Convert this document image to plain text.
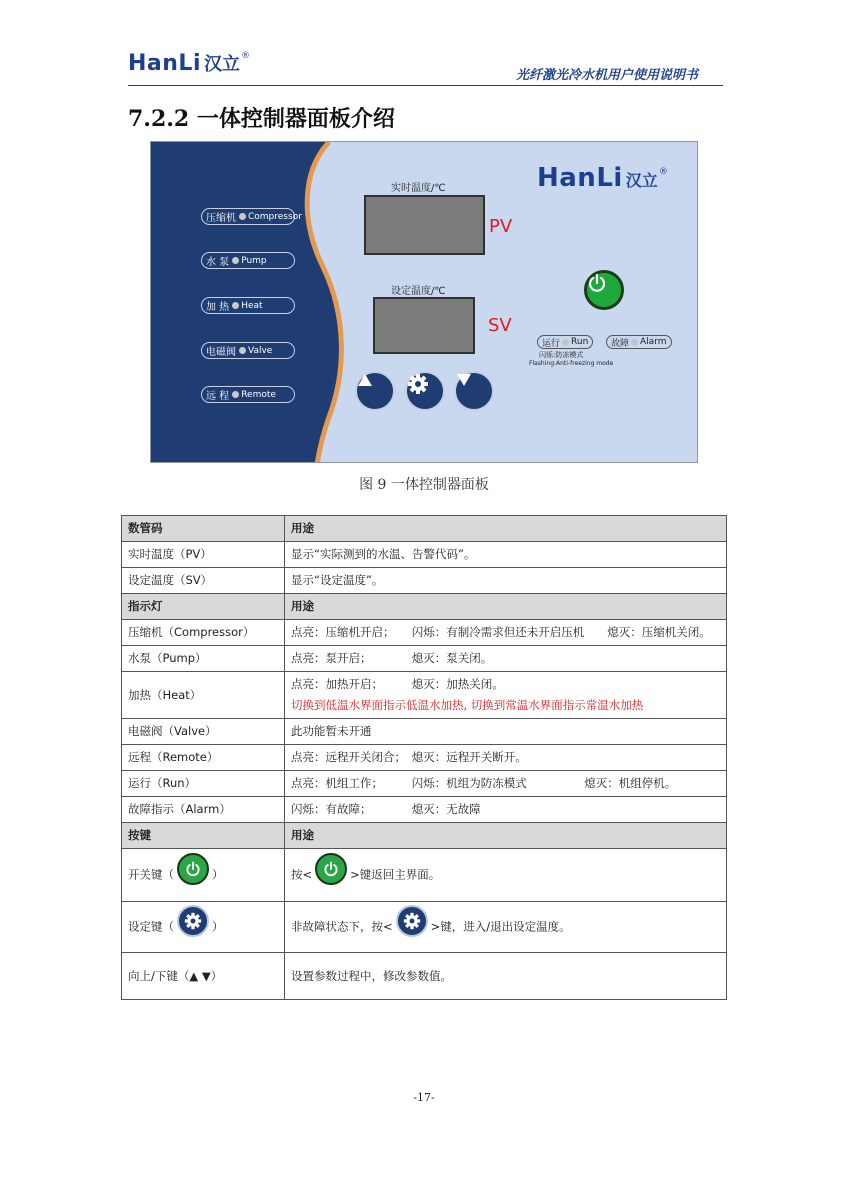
HanLi 汉立 ®
光纤激光冷水机用户使用说明书
7.2.2 一体控制器面板介绍
压缩机 Compressor
水 泵 Pump
加 热 Heat
电磁阀 Valve
远 程 Remote
实时温度/℃
PV
设定温度/℃
SV
HanLi 汉立 ®
运行 Run	故障 Alarm
闪烁:防冻模式
Flashing:Anti-freezing mode
图 9 一体控制器面板
数管码	用途
实时温度（PV）	显示“实际测到的水温、告警代码”。
设定温度（SV）	显示“设定温度”。
指示灯	用途
压缩机（Compressor）	点亮：压缩机开启；　　闪烁：有制冷需求但还未开启压机　　熄灭：压缩机关闭。
水泵（Pump）	点亮：泵开启；　　　　熄灭：泵关闭。
加热（Heat）	点亮：加热开启；　　　熄灭：加热关闭。
切换到低温水界面指示低温水加热, 切换到常温水界面指示常温水加热

电磁阀（Valve）	此功能暂未开通
远程（Remote）	点亮：远程开关闭合；　熄灭：远程开关断开。
运行（Run）	点亮：机组工作；　　　闪烁：机组为防冻模式　　　　　熄灭：机组停机。
故障指示（Alarm）	闪烁：有故障；　　　　熄灭：无故障
按键	用途
开关键（ ）	按< >键返回主界面。
设定键（ ）	非故障状态下，按< >键，进入/退出设定温度。
向上/下键（▲ ▼）	设置参数过程中，修改参数值。
-17-
